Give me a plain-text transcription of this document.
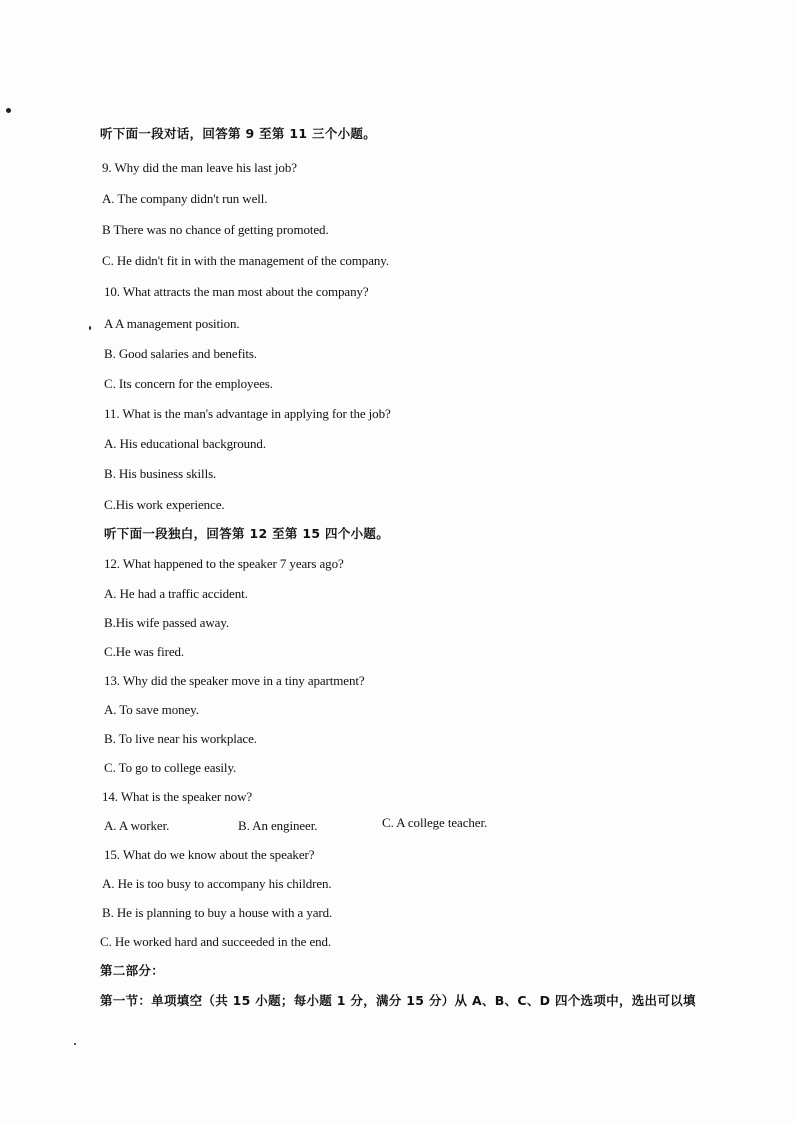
听下面一段对话，回答第 9 至第 11 三个小题。
9. Why did the man leave his last job?
A. The company didn't run well.
B There was no chance of getting promoted.
C. He didn't fit in with the management of the company.
10. What attracts the man most about the company?
A A management position.
B. Good salaries and benefits.
C. Its concern for the employees.
11. What is the man's advantage in applying for the job?
A. His educational background.
B. His business skills.
C.His work experience.
听下面一段独白，回答第 12 至第 15 四个小题。
12. What happened to the speaker 7 years ago?
A. He had a traffic accident.
B.His wife passed away.
C.He was fired.
13. Why did the speaker move in a tiny apartment?
A. To save money.
B. To live near his workplace.
C. To go to college easily.
14. What is the speaker now?
A. A worker.	B. An engineer.	C. A college teacher.
15. What do we know about the speaker?
A. He is too busy to accompany his children.
B. He is planning to buy a house with a yard.
C. He worked hard and succeeded in the end.
第二部分：
第一节：单项填空（共 15 小题；每小题 1 分，满分 15 分）从 A、B、C、D 四个选项中，选出可以填
